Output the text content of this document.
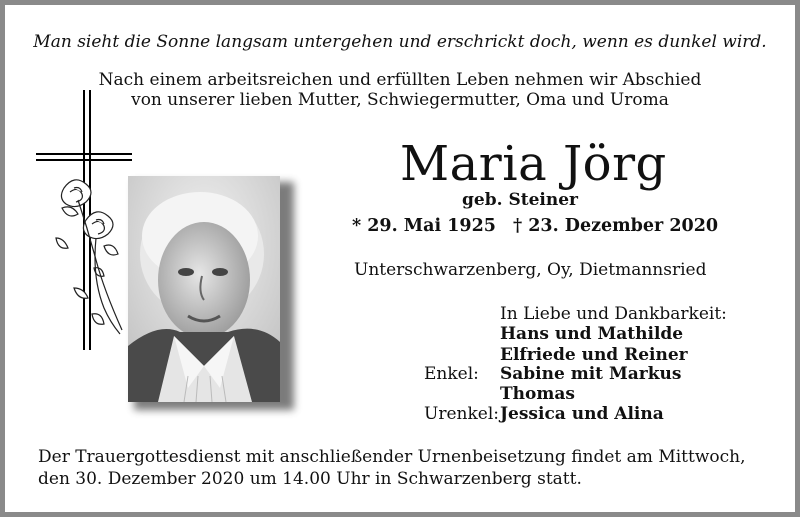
Man sieht die Sonne langsam untergehen und erschrickt doch, wenn es dunkel wird.
Nach einem arbeitsreichen und erfüllten Leben nehmen wir Abschied
von unserer lieben Mutter, Schwiegermutter, Oma und Uroma
Maria Jörg
geb. Steiner
* 29. Mai 1925 † 23. Dezember 2020
Unterschwarzenberg, Oy, Dietmannsried
In Liebe und Dankbarkeit:
Hans und Mathilde
Elfriede und Reiner
Enkel: Sabine mit Markus
Thomas
Urenkel: Jessica und Alina
Der Trauergottesdienst mit anschließender Urnenbeisetzung findet am Mittwoch,
den 30. Dezember 2020 um 14.00 Uhr in Schwarzenberg statt.
